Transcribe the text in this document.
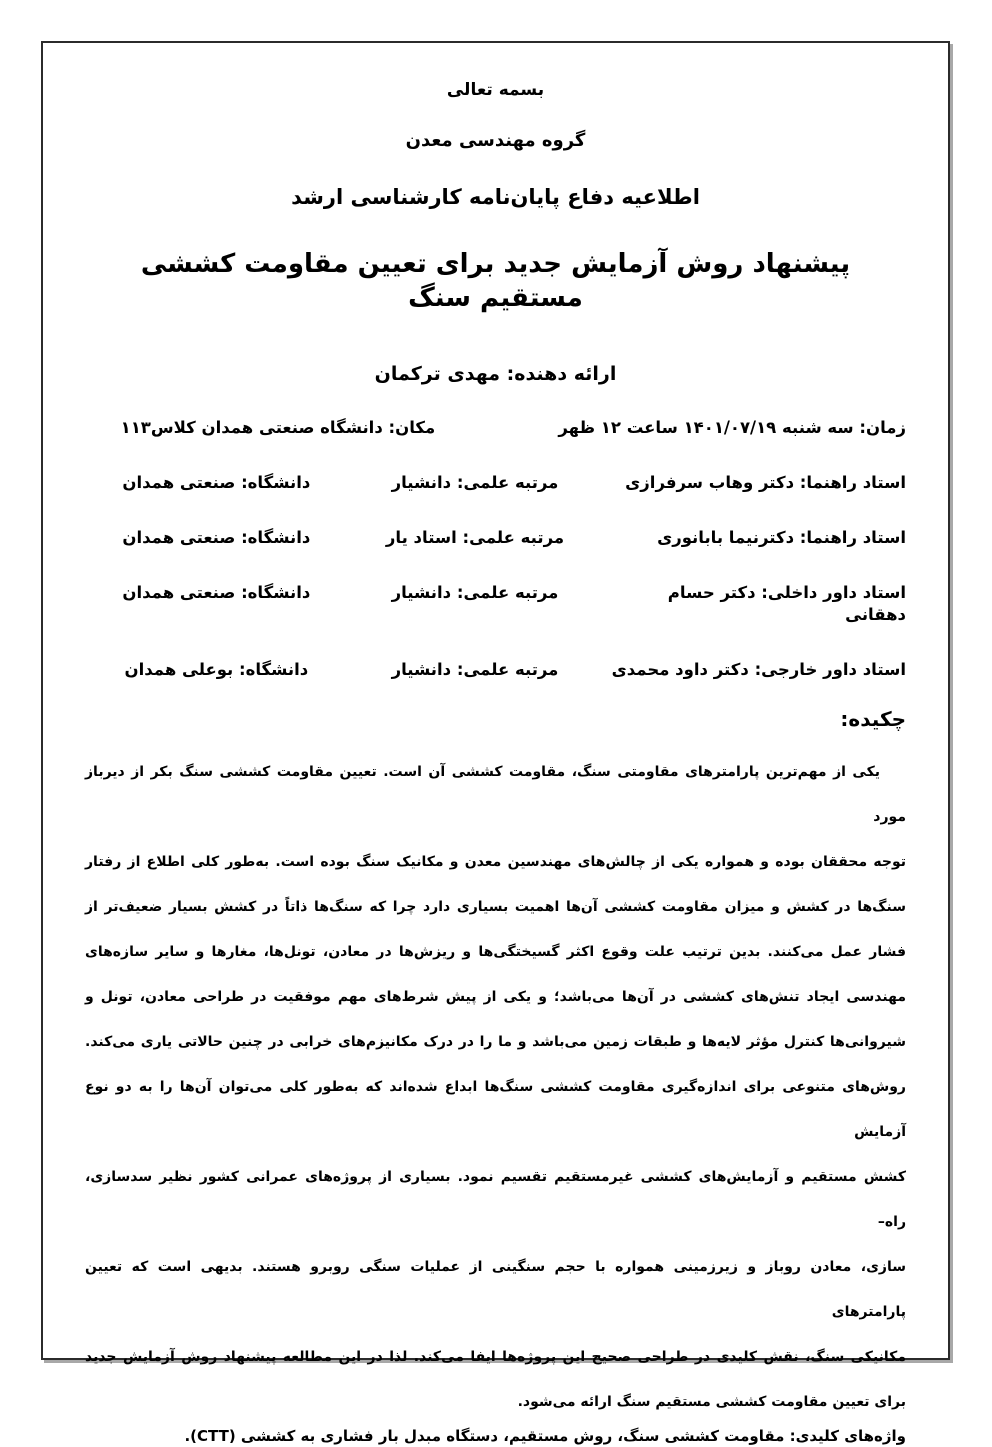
بسمه تعالی
گروه مهندسی معدن
اطلاعیه دفاع پایان‌نامه کارشناسی ارشد
پیشنهاد روش آزمایش جدید برای تعیین مقاومت کششی مستقیم سنگ
ارائه دهنده: مهدی ترکمان
زمان: سه شنبه ۱۴۰۱/۰۷/۱۹ ساعت ۱۲ ظهر
مکان: دانشگاه صنعتی همدان کلاس۱۱۳
استاد راهنما: دکتر وهاب سرفرازی
مرتبه علمی: دانشیار
دانشگاه: صنعتی همدان
استاد راهنما: دکترنیما بابانوری
مرتبه علمی: استاد یار
دانشگاه: صنعتی همدان
استاد داور داخلی: دکتر حسام دهقانی
مرتبه علمی: دانشیار
دانشگاه: صنعتی همدان
استاد داور خارجی: دکتر داود محمدی
مرتبه علمی: دانشیار
دانشگاه: بوعلی همدان
چکیده:
یکی از مهم‌ترین پارامترهای مقاومتی سنگ، مقاومت کششی آن است. تعیین مقاومت کششی سنگ بکر از دیرباز مورد
توجه محققان بوده و همواره یکی از چالش‌های مهندسین معدن و مکانیک سنگ بوده است. به‌طور کلی اطلاع از رفتار
سنگ‌ها در کشش و میزان مقاومت کششی آن‌ها اهمیت بسیاری دارد چرا که سنگ‌ها ذاتاً در کشش بسیار ضعیف‌تر از
فشار عمل می‌کنند. بدین ترتیب علت وقوع اکثر گسیختگی‌ها و ریزش‌ها در معادن، تونل‌ها، مغارها و سایر سازه‌های
مهندسی ایجاد تنش‌های کششی در آن‌ها می‌باشد؛ و یکی از پیش شرط‌های مهم موفقیت در طراحی معادن، تونل و
شیروانی‌ها کنترل مؤثر لایه‌ها و طبقات زمین می‌باشد و ما را در درک مکانیزم‌های خرابی در چنین حالاتی یاری می‌کند.
روش‌های متنوعی برای اندازه‌گیری مقاومت کششی سنگ‌ها ابداع شده‌اند که به‌طور کلی می‌توان آن‌ها را به دو نوع آزمایش
کشش مستقیم و آزمایش‌های کششی غیرمستقیم تقسیم نمود. بسیاری از پروژه‌های عمرانی کشور نظیر سدسازی، راه–
سازی، معادن روباز و زیرزمینی همواره با حجم سنگینی از عملیات سنگی روبرو هستند. بدیهی است که تعیین پارامترهای
مکانیکی سنگ، نقش کلیدی در طراحی صحیح این پروژه‌ها ایفا می‌کند. لذا در این مطالعه پیشنهاد روش آزمایش جدید
برای تعیین مقاومت کششی مستقیم سنگ ارائه می‌شود.
واژه‌های کلیدی: مقاومت کششی سنگ، روش مستقیم، دستگاه مبدل بار فشاری به کششی (CTT).
